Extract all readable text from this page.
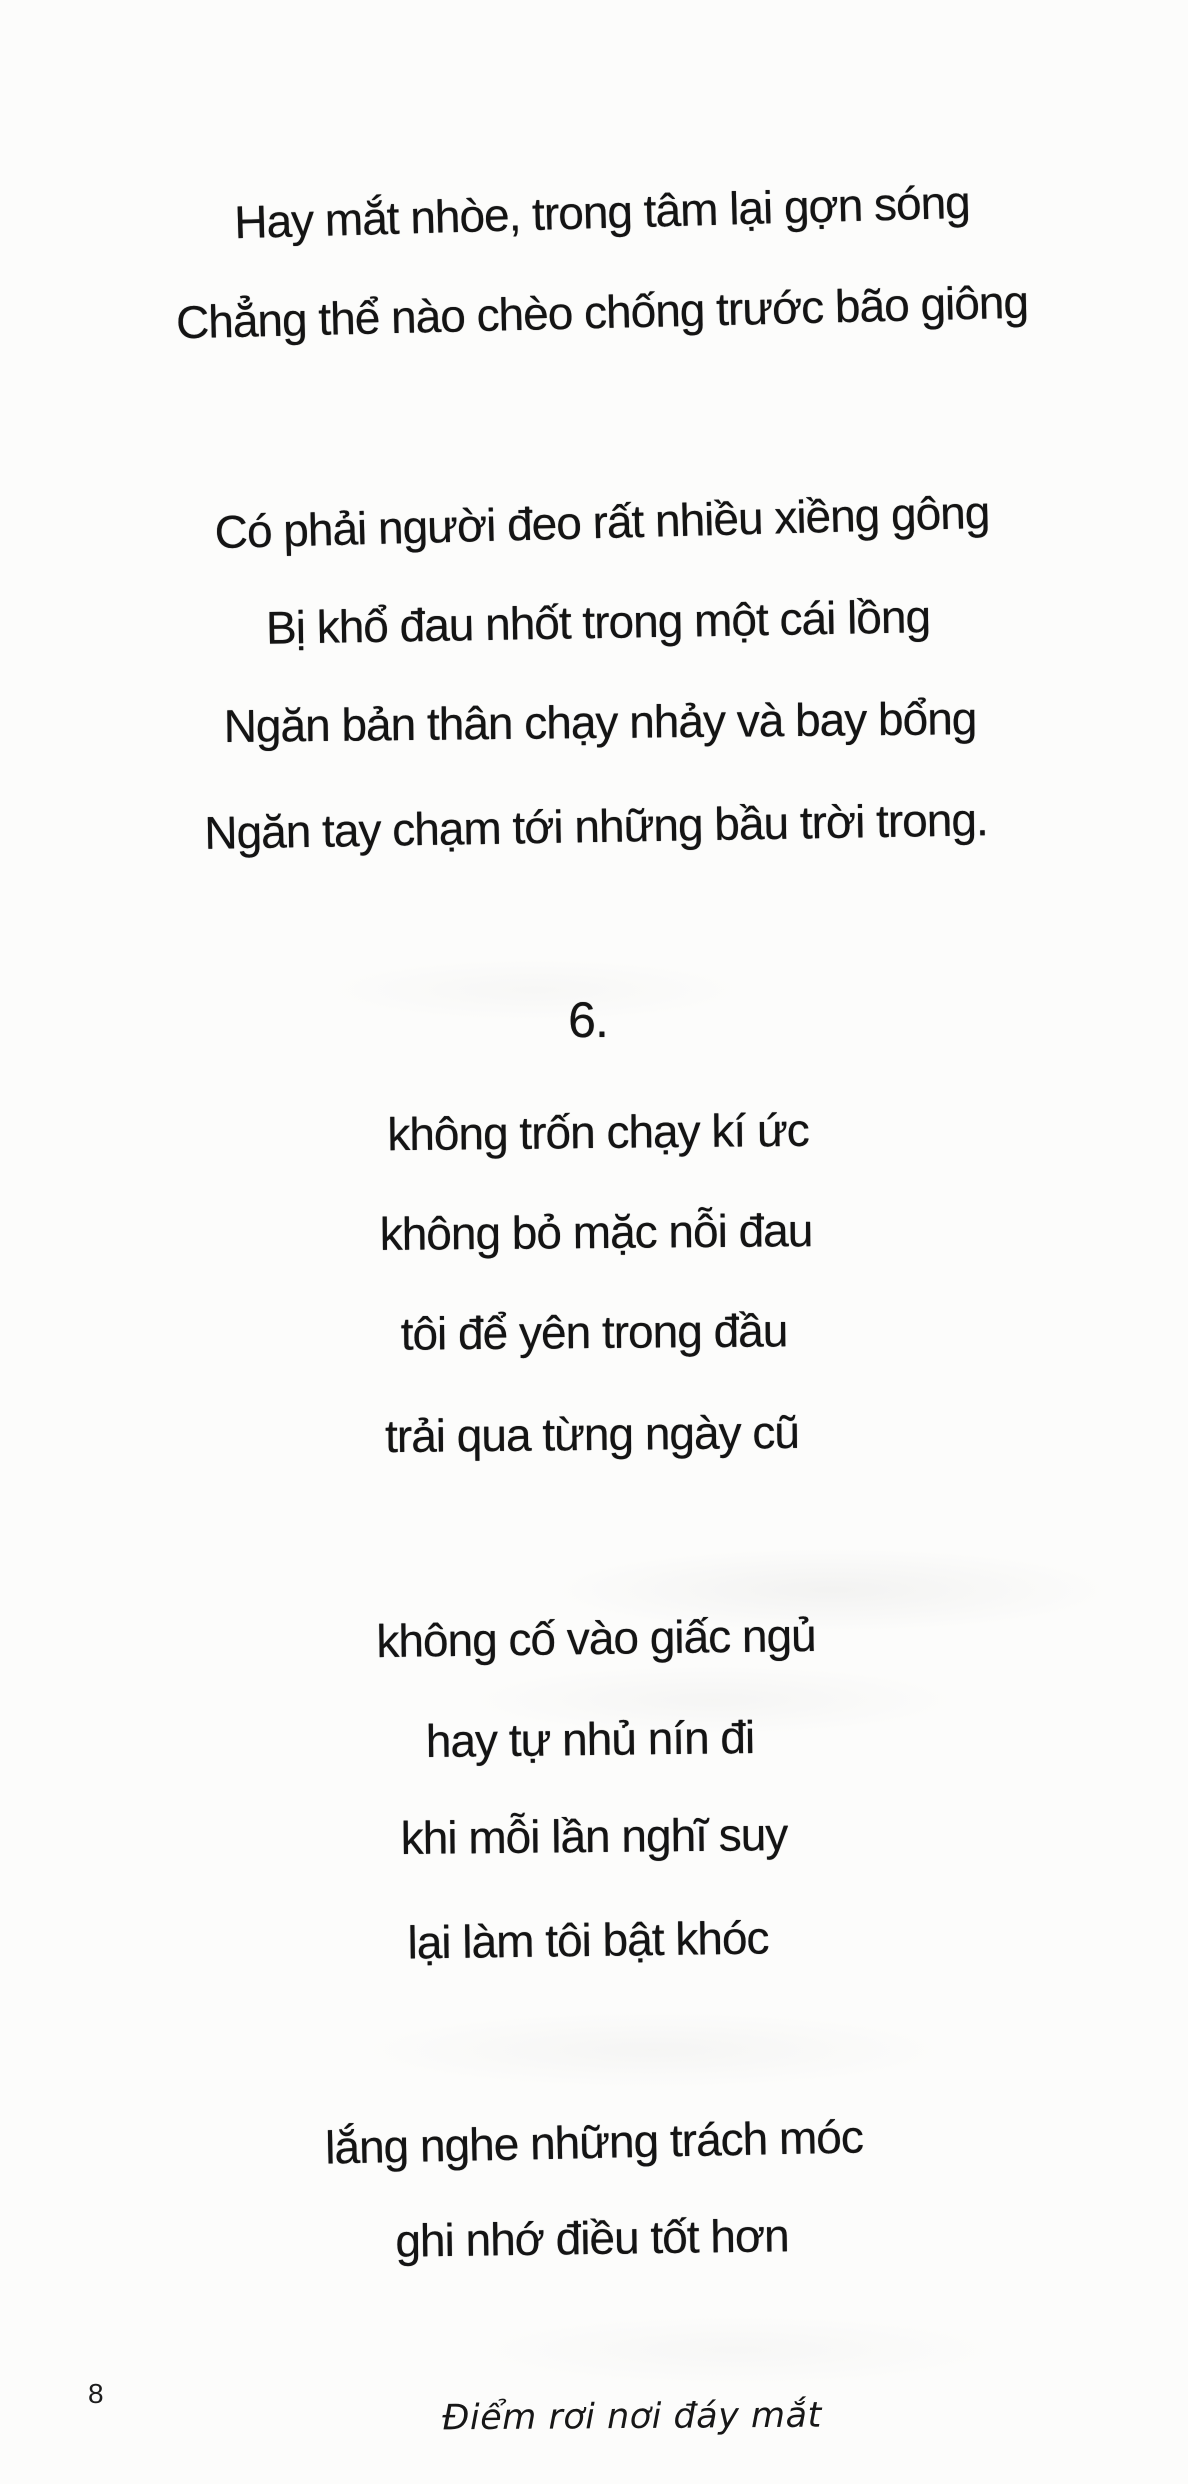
Hay mắt nhòe, trong tâm lại gợn sóng
Chẳng thể nào chèo chống trước bão giông
Có phải người đeo rất nhiều xiềng gông
Bị khổ đau nhốt trong một cái lồng
Ngăn bản thân chạy nhảy và bay bổng
Ngăn tay chạm tới những bầu trời trong.
6.
không trốn chạy kí ức
không bỏ mặc nỗi đau
tôi để yên trong đầu
trải qua từng ngày cũ
không cố vào giấc ngủ
hay tự nhủ nín đi
khi mỗi lần nghĩ suy
lại làm tôi bật khóc
lắng nghe những trách móc
ghi nhớ điều tốt hơn
8
Điểm rơi nơi đáy mắt
